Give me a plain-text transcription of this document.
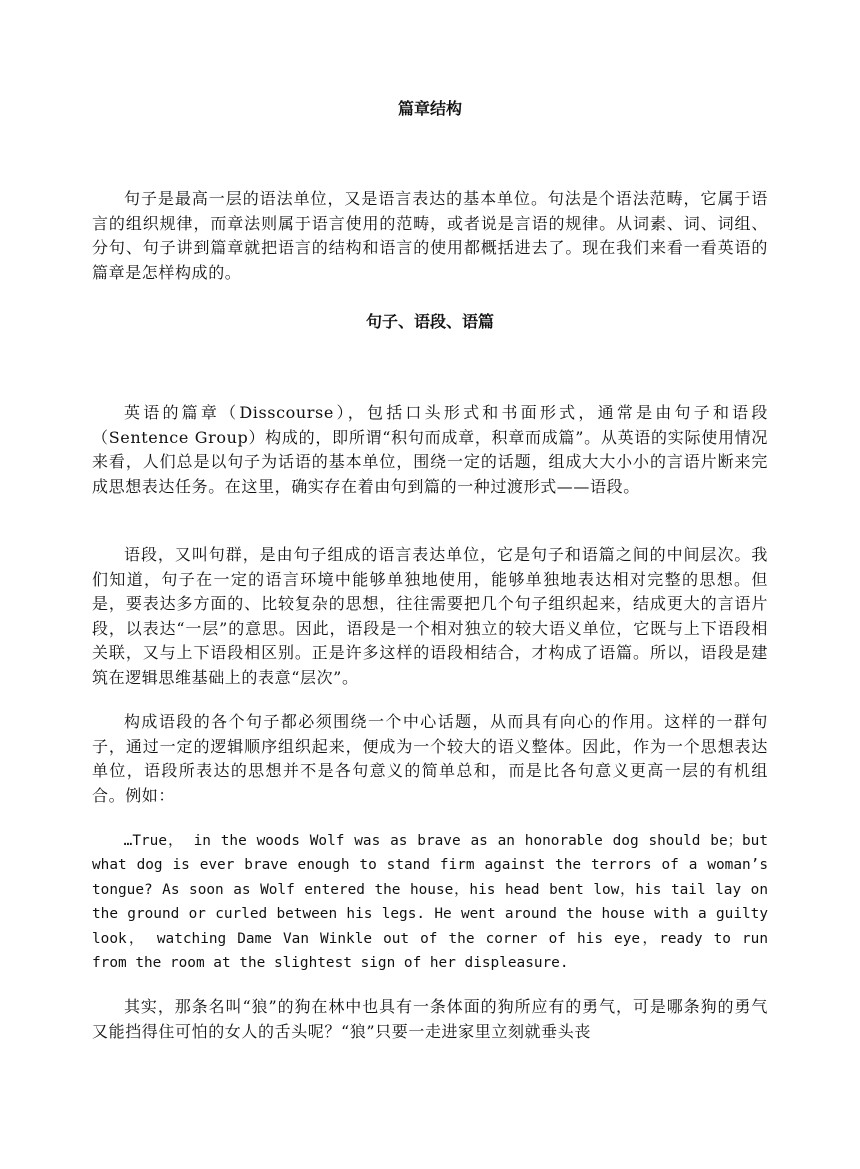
篇章结构

句子是最高一层的语法单位，又是语言表达的基本单位。句法是个语法范畴，它属于语言的组织规律，而章法则属于语言使用的范畴，或者说是言语的规律。从词素、词、词组、分句、句子讲到篇章就把语言的结构和语言的使用都概括进去了。现在我们来看一看英语的篇章是怎样构成的。

句子、语段、语篇

英语的篇章（Disscourse），包括口头形式和书面形式，通常是由句子和语段（Sentence Group）构成的，即所谓“积句而成章，积章而成篇”。从英语的实际使用情况来看，人们总是以句子为话语的基本单位，围绕一定的话题，组成大大小小的言语片断来完成思想表达任务。在这里，确实存在着由句到篇的一种过渡形式——语段。

语段，又叫句群，是由句子组成的语言表达单位，它是句子和语篇之间的中间层次。我们知道，句子在一定的语言环境中能够单独地使用，能够单独地表达相对完整的思想。但是，要表达多方面的、比较复杂的思想，往往需要把几个句子组织起来，结成更大的言语片段，以表达“一层”的意思。因此，语段是一个相对独立的较大语义单位，它既与上下语段相关联，又与上下语段相区别。正是许多这样的语段相结合，才构成了语篇。所以，语段是建筑在逻辑思维基础上的表意“层次”。

构成语段的各个句子都必须围绕一个中心话题，从而具有向心的作用。这样的一群句子，通过一定的逻辑顺序组织起来，便成为一个较大的语义整体。因此，作为一个思想表达单位，语段所表达的思想并不是各句意义的简单总和，而是比各句意义更高一层的有机组合。例如：

…True， in the woods Wolf was as brave as an honorable dog should be；but what dog is ever brave enough to stand firm against the terrors of a woman’s tongue? As soon as Wolf entered the house，his head bent low，his tail lay on the ground or curled between his legs. He went around the house with a guilty look， watching Dame Van Winkle out of the corner of his eye，ready to run from the room at the slightest sign of her displeasure.

其实，那条名叫“狼”的狗在林中也具有一条体面的狗所应有的勇气，可是哪条狗的勇气又能挡得住可怕的女人的舌头呢？“狼”只要一走进家里立刻就垂头丧
